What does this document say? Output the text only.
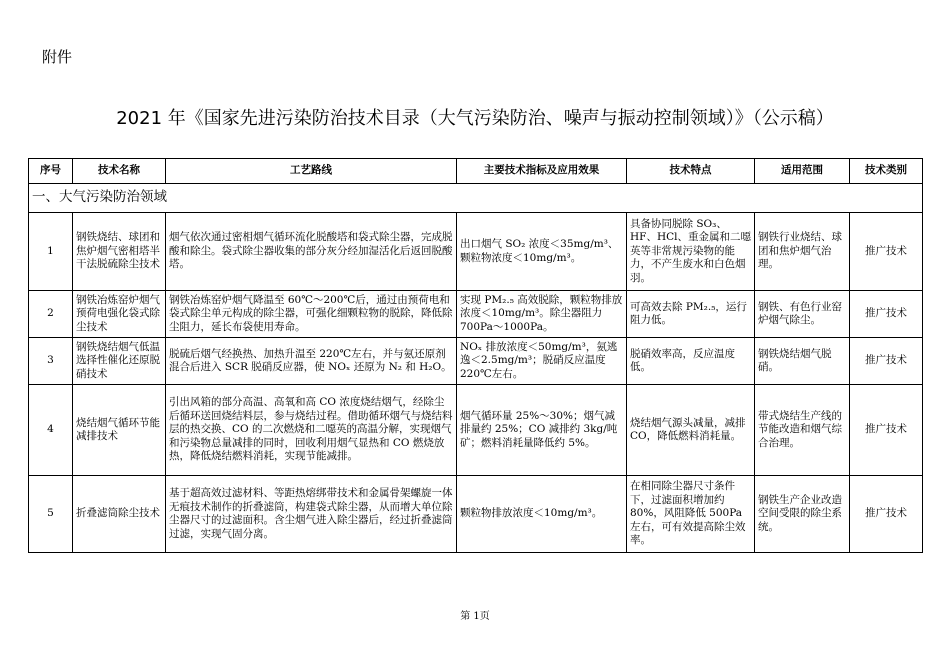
附件
2021 年《国家先进污染防治技术目录（大气污染防治、噪声与振动控制领域）》（公示稿）
序号	技术名称	工艺路线	主要技术指标及应用效果	技术特点	适用范围	技术类别
一、大气污染防治领域						
1	钢铁烧结、球团和焦炉烟气密相塔半干法脱硫除尘技术	烟气依次通过密相烟气循环流化脱酸塔和袋式除尘器，完成脱酸和除尘。袋式除尘器收集的部分灰分经加湿活化后返回脱酸塔。	出口烟气 SO₂ 浓度＜35mg/m³、颗粒物浓度＜10mg/m³。	具备协同脱除 SO₃、HF、HCl、重金属和二噁英等非常规污染物的能力，不产生废水和白色烟羽。	钢铁行业烧结、球团和焦炉烟气治理。	推广技术
2	钢铁冶炼窑炉烟气预荷电强化袋式除尘技术	钢铁冶炼窑炉烟气降温至 60℃～200℃后，通过由预荷电和袋式除尘单元构成的除尘器，可强化细颗粒物的脱除，降低除尘阻力，延长布袋使用寿命。	实现 PM₂.₅ 高效脱除，颗粒物排放浓度＜10mg/m³。除尘器阻力 700Pa～1000Pa。	可高效去除 PM₂.₅，运行阻力低。	钢铁、有色行业窑炉烟气除尘。	推广技术
3	钢铁烧结烟气低温选择性催化还原脱硝技术	脱硫后烟气经换热、加热升温至 220℃左右，并与氨还原剂混合后进入 SCR 脱硝反应器，使 NOₓ 还原为 N₂ 和 H₂O。	NOₓ 排放浓度＜50mg/m³，氨逃逸＜2.5mg/m³；脱硝反应温度 220℃左右。	脱硝效率高，反应温度低。	钢铁烧结烟气脱硝。	推广技术
4	烧结烟气循环节能减排技术	引出风箱的部分高温、高氧和高 CO 浓度烧结烟气，经除尘后循环送回烧结料层，参与烧结过程。借助循环烟气与烧结料层的热交换、CO 的二次燃烧和二噁英的高温分解，实现烟气和污染物总量减排的同时，回收利用烟气显热和 CO 燃烧放热，降低烧结燃料消耗，实现节能减排。	烟气循环量 25%～30%；烟气减排量约 25%；CO 减排约 3kg/吨矿；燃料消耗量降低约 5%。	烧结烟气源头减量，减排 CO，降低燃料消耗量。	带式烧结生产线的节能改造和烟气综合治理。	推广技术
5	折叠滤筒除尘技术	基于超高效过滤材料、等距热熔绑带技术和金属骨架螺旋一体无痕技术制作的折叠滤筒，构建袋式除尘器，从而增大单位除尘器尺寸的过滤面积。含尘烟气进入除尘器后，经过折叠滤筒过滤，实现气固分离。	颗粒物排放浓度＜10mg/m³。	在相同除尘器尺寸条件下，过滤面积增加约 80%，风阻降低 500Pa 左右，可有效提高除尘效率。	钢铁生产企业改造空间受限的除尘系统。	推广技术
第 1页
